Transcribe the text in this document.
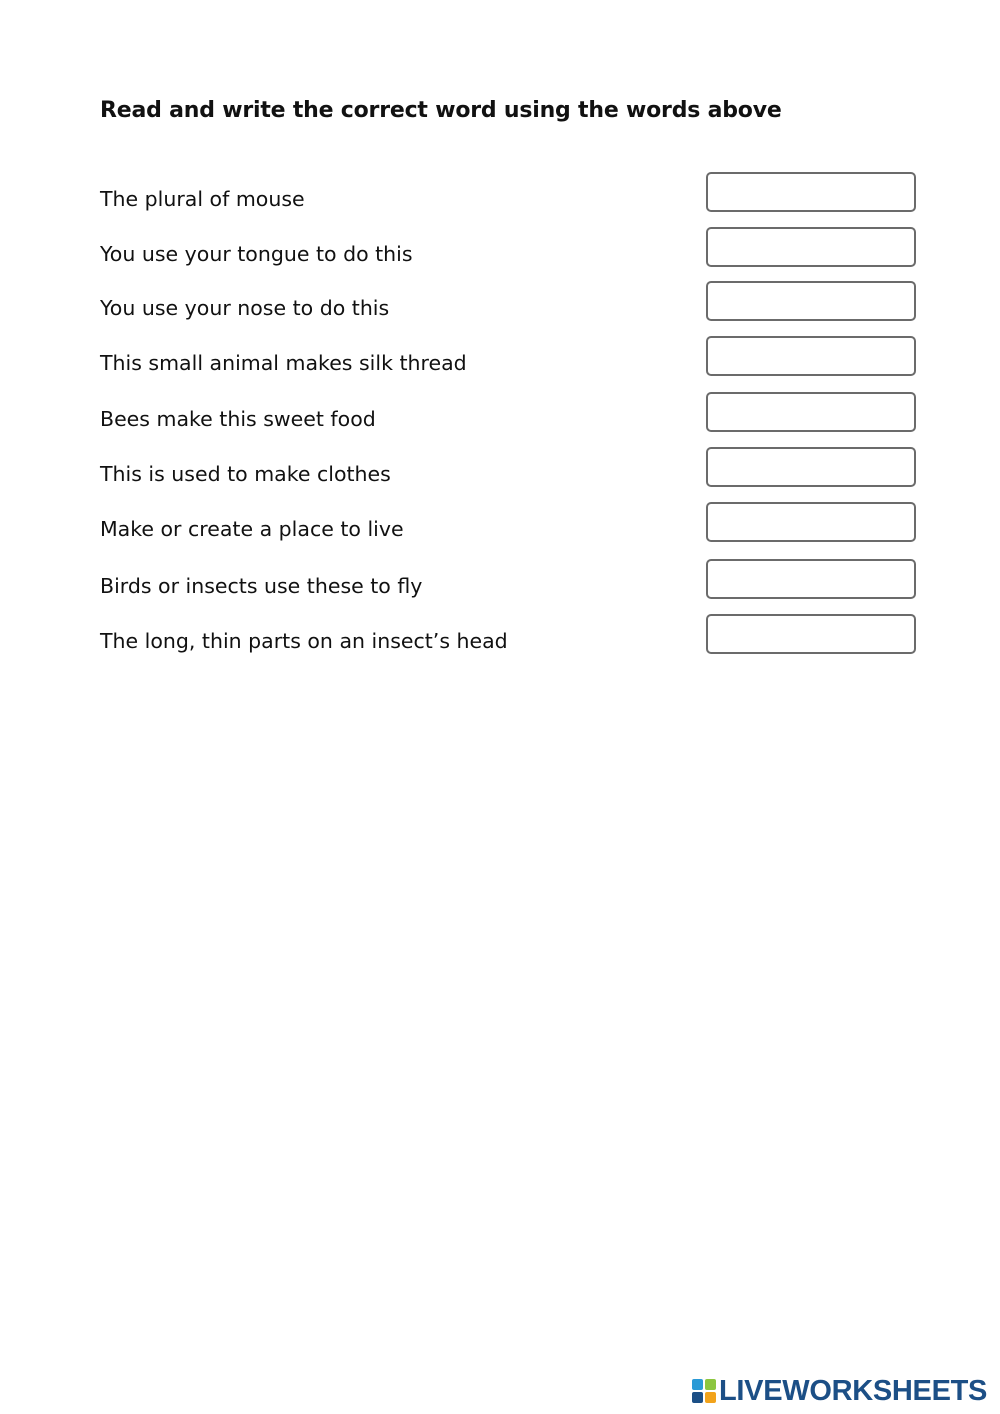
Read and write the correct word using the words above
The plural of mouse
You use your tongue to do this
You use your nose to do this
This small animal makes silk thread
Bees make this sweet food
This is used to make clothes
Make or create a place to live
Birds or insects use these to fly
The long, thin parts on an insect’s head
LIVEWORKSHEETS
